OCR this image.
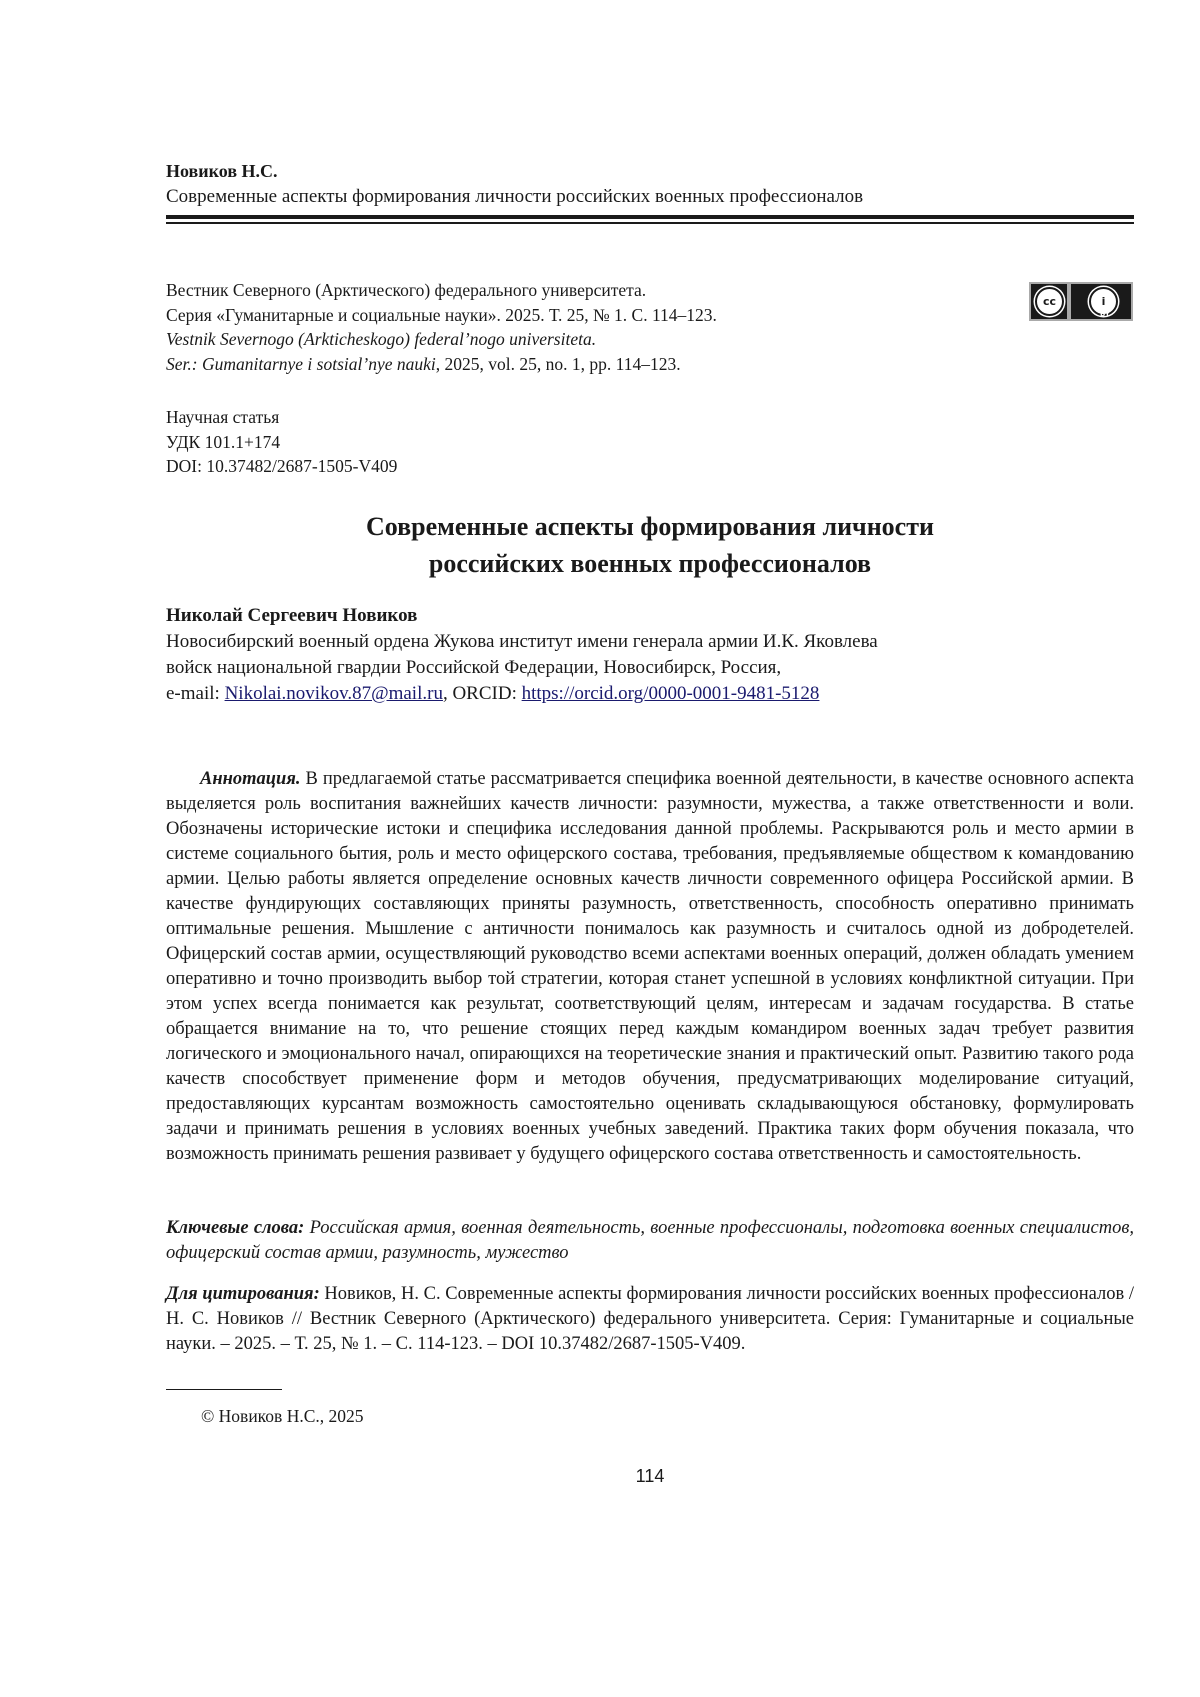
Новиков Н.С.
Современные аспекты формирования личности российских военных профессионалов
Вестник Северного (Арктического) федерального университета.
Серия «Гуманитарные и социальные науки». 2025. Т. 25, № 1. С. 114–123.
Vestnik Severnogo (Arkticheskogo) federal’nogo universiteta.
Ser.: Gumanitarnye i sotsial’nye nauki, 2025, vol. 25, no. 1, pp. 114–123.
cc	i
BY
Научная статья
УДК 101.1+174
DOI: 10.37482/2687-1505-V409
Современные аспекты формирования личности
российских военных профессионалов
Николай Сергеевич Новиков
Новосибирский военный ордена Жукова институт имени генерала армии И.К. Яковлева
войск национальной гвардии Российской Федерации, Новосибирск, Россия,
e-mail: Nikolai.novikov.87@mail.ru, ORCID: https://orcid.org/0000-0001-9481-5128

Аннотация. В предлагаемой статье рассматривается специфика военной деятельности, в качестве основного аспекта выделяется роль воспитания важнейших качеств личности: разумности, мужества, а также ответственности и воли. Обозначены исторические истоки и специфика исследования данной проблемы. Раскрываются роль и место армии в системе социального бытия, роль и место офицерского состава, требования, предъявляемые обществом к командованию армии. Целью работы является определение основных качеств личности современного офицера Российской армии. В качестве фундирующих составляющих приняты разумность, ответственность, способность оперативно принимать оптимальные решения. Мышление с античности понималось как разумность и считалось одной из добродетелей. Офицерский состав армии, осуществляющий руководство всеми аспектами военных операций, должен обладать умением оперативно и точно производить выбор той стратегии, которая станет успешной в условиях конфликтной ситуации. При этом успех всегда понимается как результат, соответствующий целям, интересам и задачам государства. В статье обращается внимание на то, что решение стоящих перед каждым командиром военных задач требует развития логического и эмоционального начал, опирающихся на теоретические знания и практический опыт. Развитию такого рода качеств способствует применение форм и методов обучения, предусматривающих моделирование ситуаций, предоставляющих курсантам возможность самостоятельно оценивать складывающуюся обстановку, формулировать задачи и принимать решения в условиях военных учебных заведений. Практика таких форм обучения показала, что возможность принимать решения развивает у будущего офицерского состава ответственность и самостоятельность.

Ключевые слова: Российская армия, военная деятельность, военные профессионалы, подготовка военных специалистов, офицерский состав армии, разумность, мужество
Для цитирования: Новиков, Н. С. Современные аспекты формирования личности российских военных профессионалов / Н. С. Новиков // Вестник Северного (Арктического) федерального университета. Серия: Гуманитарные и социальные науки. – 2025. – Т. 25, № 1. – С. 114-123. – DOI 10.37482/2687-1505-V409.
© Новиков Н.С., 2025
114
